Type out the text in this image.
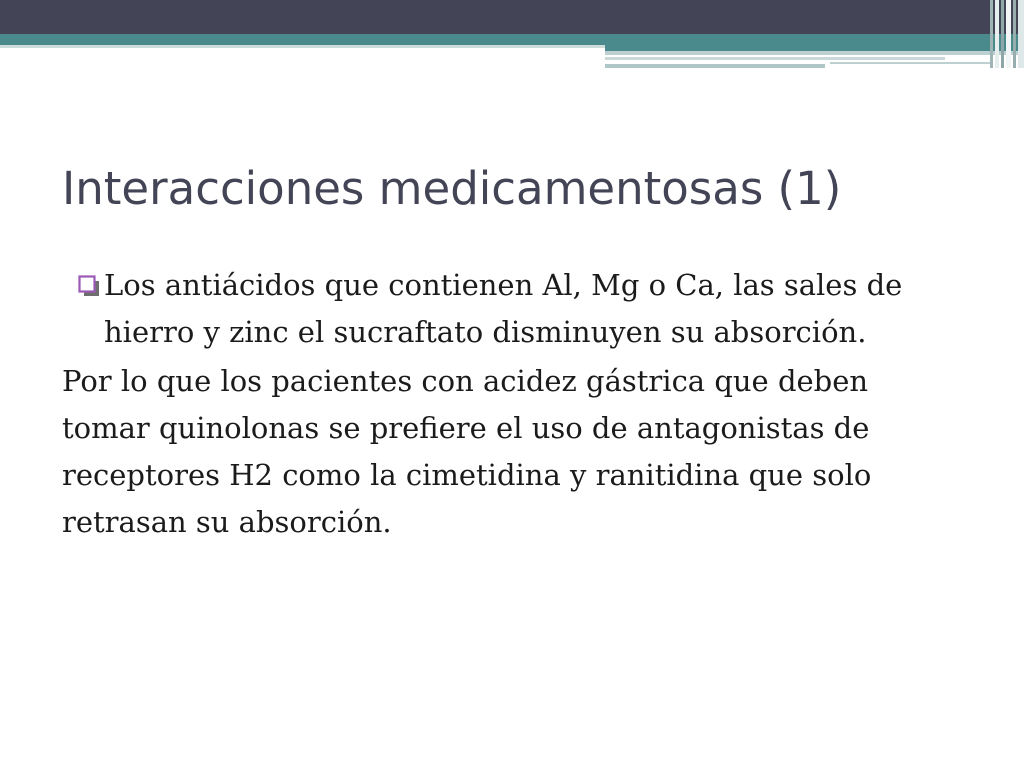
Interacciones medicamentosas (1)

Los antiácidos que contienen Al, Mg o Ca, las sales de hierro y zinc el sucraftato disminuyen su absorción.

Por lo que los pacientes con acidez gástrica que deben tomar quinolonas se prefiere el uso de antagonistas de receptores H2 como la cimetidina y ranitidina que solo retrasan su absorción.
